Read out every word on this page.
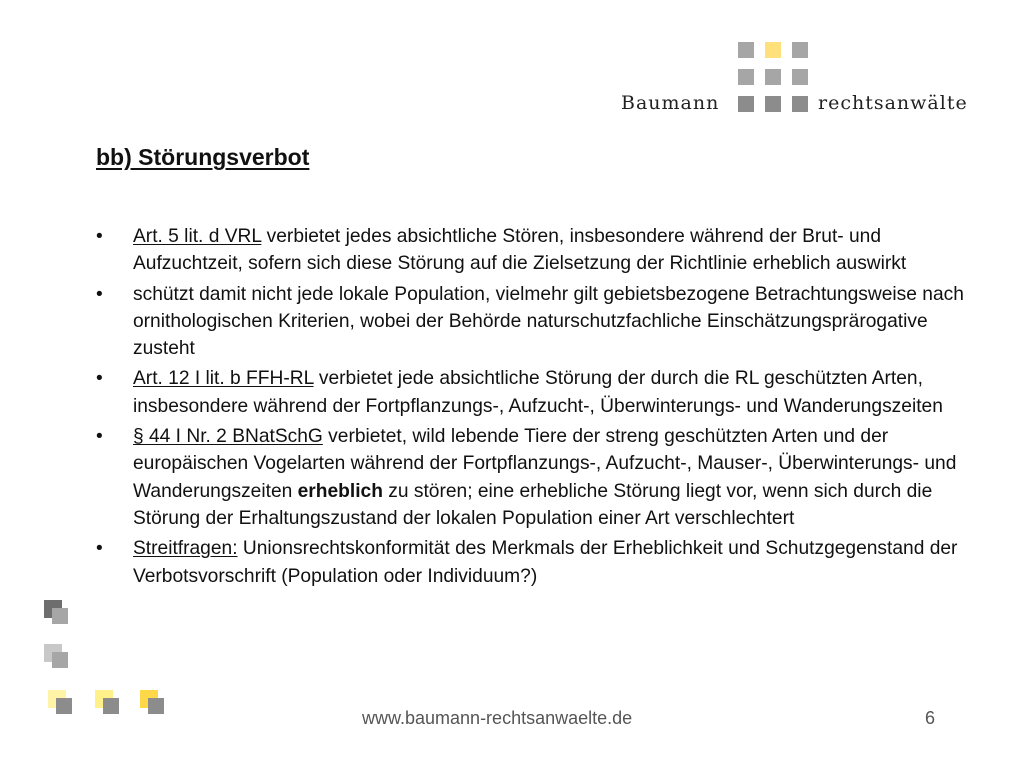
Baumann	rechtsanwälte
bb) Störungsverbot
• Art. 5 lit. d VRL verbietet jedes absichtliche Stören, insbesondere während der Brut- und Aufzuchtzeit, sofern sich diese Störung auf die Zielsetzung der Richtlinie erheblich auswirkt
• schützt damit nicht jede lokale Population, vielmehr gilt gebietsbezogene Betrachtungsweise nach ornithologischen Kriterien, wobei der Behörde naturschutzfachliche Einschätzungsprärogative zusteht
• Art. 12 I lit. b FFH-RL verbietet jede absichtliche Störung der durch die RL geschützten Arten, insbesondere während der Fortpflanzungs-, Aufzucht-, Überwinterungs- und Wanderungszeiten
• § 44 I Nr. 2 BNatSchG verbietet, wild lebende Tiere der streng geschützten Arten und der europäischen Vogelarten während der Fortpflanzungs-, Aufzucht-, Mauser-, Überwinterungs- und Wanderungszeiten erheblich zu stören; eine erhebliche Störung liegt vor, wenn sich durch die Störung der Erhaltungszustand der lokalen Population einer Art verschlechtert
• Streitfragen: Unionsrechtskonformität des Merkmals der Erheblichkeit und Schutzgegenstand der Verbotsvorschrift (Population oder Individuum?)
www.baumann-rechtsanwaelte.de	6
